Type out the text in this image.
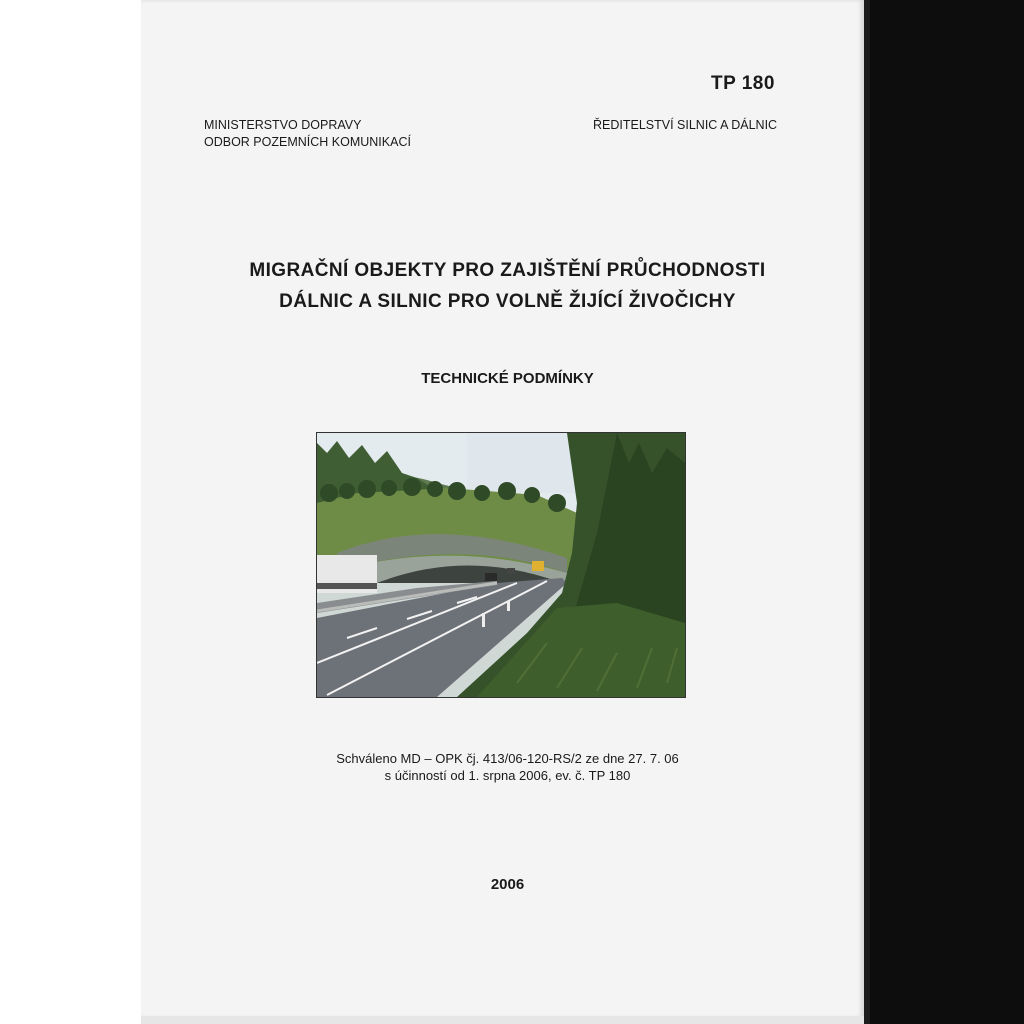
TP 180

MINISTERSTVO DOPRAVY
ODBOR POZEMNÍCH KOMUNIKACÍ
ŘEDITELSTVÍ SILNIC A DÁLNIC
MIGRAČNÍ OBJEKTY PRO ZAJIŠTĚNÍ PRŮCHODNOSTI
DÁLNIC A SILNIC PRO VOLNĚ ŽIJÍCÍ ŽIVOČICHY

TECHNICKÉ PODMÍNKY

Schváleno MD – OPK čj. 413/06-120-RS/2 ze dne 27. 7. 06
s účinností od 1. srpna 2006, ev. č. TP 180

2006
